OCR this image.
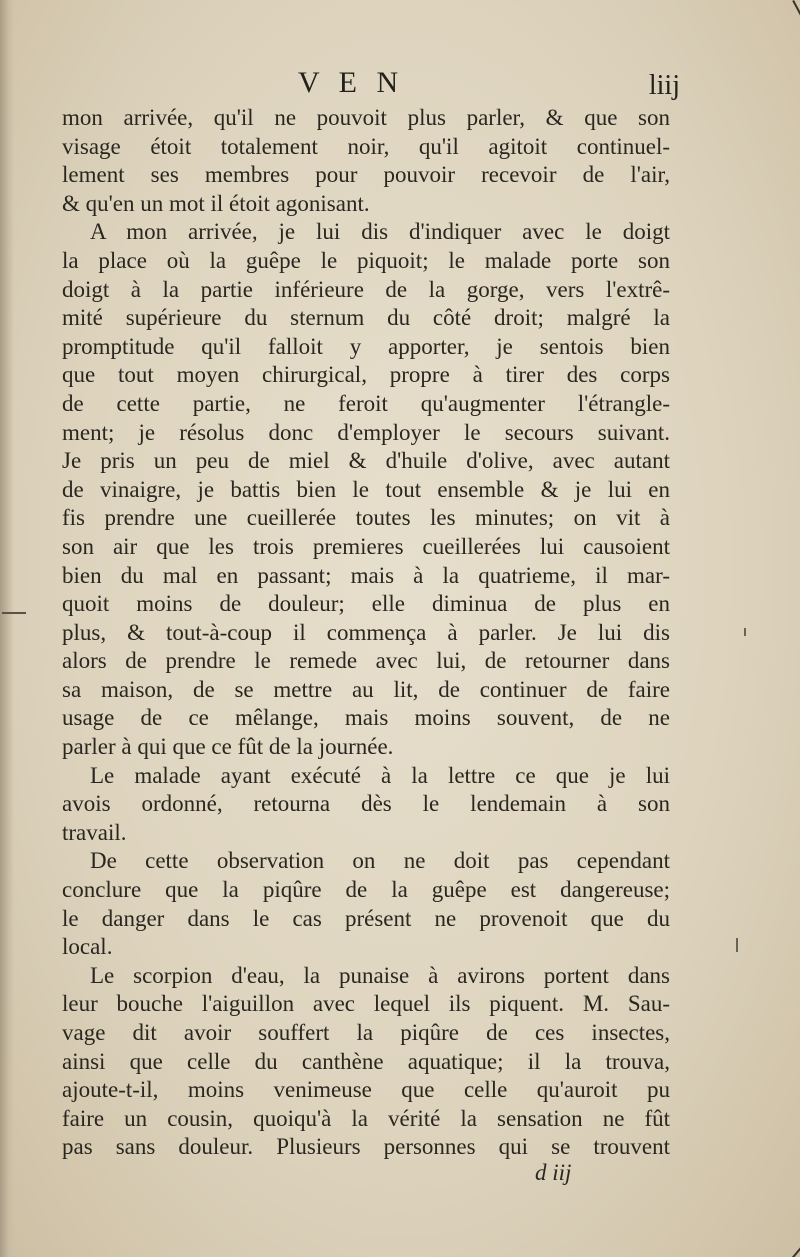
V E N	liij
mon arrivée, qu'il ne pouvoit plus parler, & que son
visage étoit totalement noir, qu'il agitoit continuel-
lement ses membres pour pouvoir recevoir de l'air,
& qu'en un mot il étoit agonisant.
A mon arrivée, je lui dis d'indiquer avec le doigt
la place où la guêpe le piquoit; le malade porte son
doigt à la partie inférieure de la gorge, vers l'extrê-
mité supérieure du sternum du côté droit; malgré la
promptitude qu'il falloit y apporter, je sentois bien
que tout moyen chirurgical, propre à tirer des corps
de cette partie, ne feroit qu'augmenter l'étrangle-
ment; je résolus donc d'employer le secours suivant.
Je pris un peu de miel & d'huile d'olive, avec autant
de vinaigre, je battis bien le tout ensemble & je lui en
fis prendre une cueillerée toutes les minutes; on vit à
son air que les trois premieres cueillerées lui causoient
bien du mal en passant; mais à la quatrieme, il mar-
quoit moins de douleur; elle diminua de plus en
plus, & tout-à-coup il commença à parler. Je lui dis
alors de prendre le remede avec lui, de retourner dans
sa maison, de se mettre au lit, de continuer de faire
usage de ce mêlange, mais moins souvent, de ne
parler à qui que ce fût de la journée.
Le malade ayant exécuté à la lettre ce que je lui
avois ordonné, retourna dès le lendemain à son
travail.
De cette observation on ne doit pas cependant
conclure que la piqûre de la guêpe est dangereuse;
le danger dans le cas présent ne provenoit que du
local.
Le scorpion d'eau, la punaise à avirons portent dans
leur bouche l'aiguillon avec lequel ils piquent. M. Sau-
vage dit avoir souffert la piqûre de ces insectes,
ainsi que celle du canthène aquatique; il la trouva,
ajoute-t-il, moins venimeuse que celle qu'auroit pu
faire un cousin, quoiqu'à la vérité la sensation ne fût
pas sans douleur. Plusieurs personnes qui se trouvent
d iij
